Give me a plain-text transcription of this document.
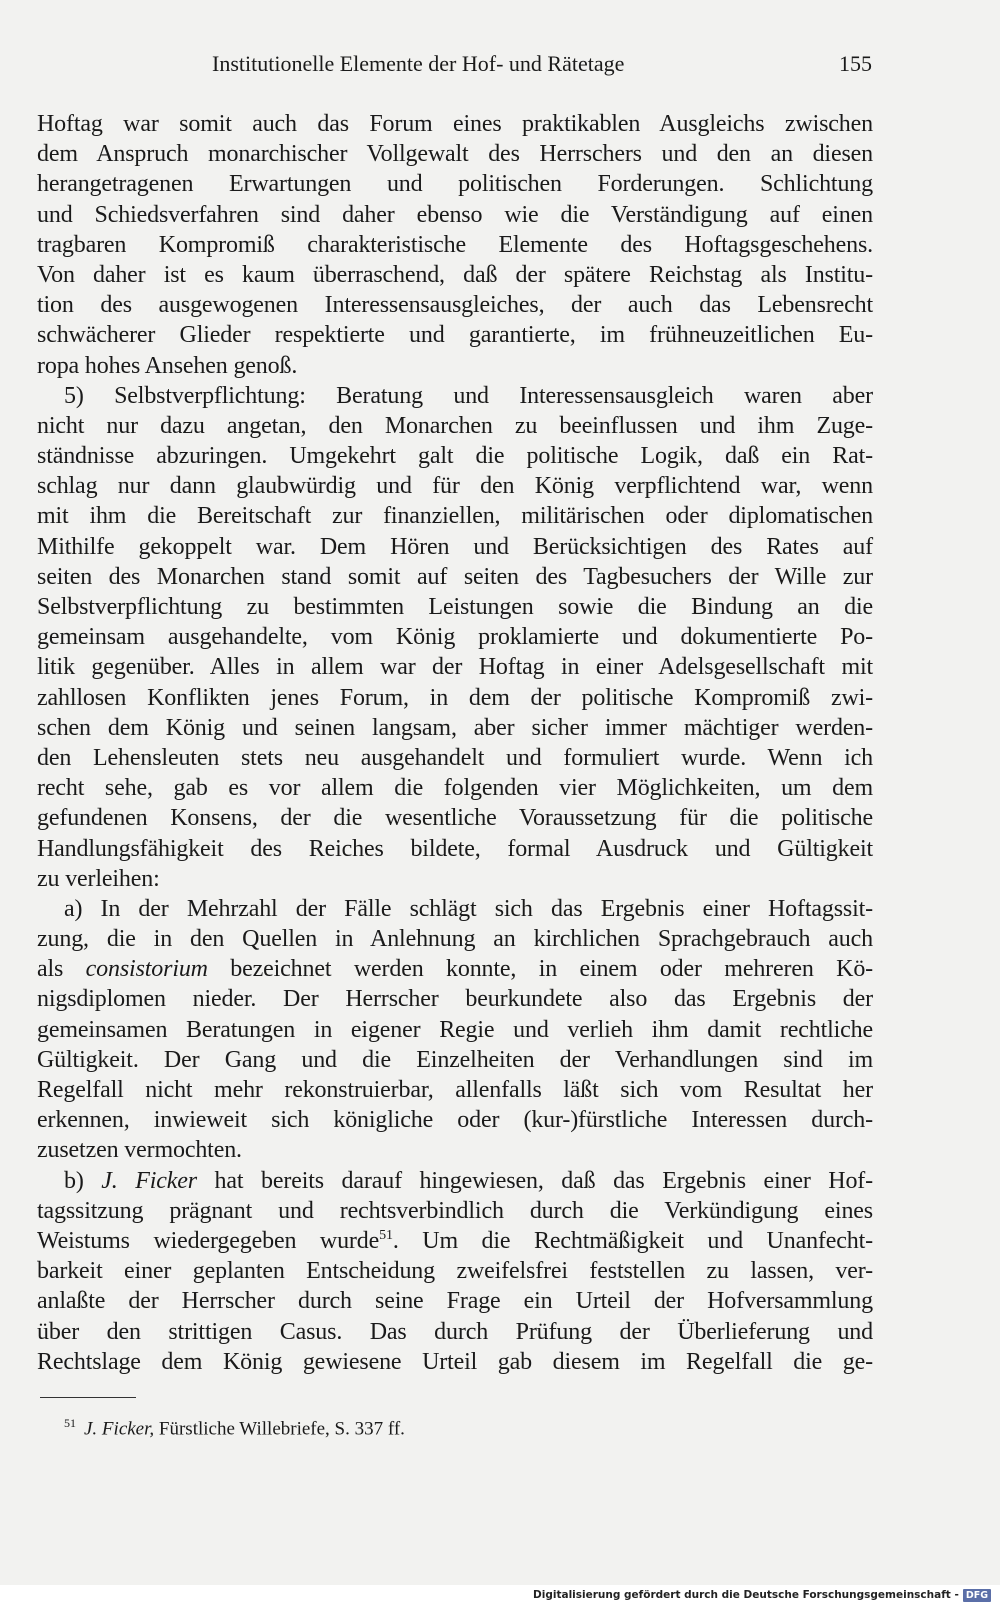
Institutionelle Elemente der Hof- und Rätetage	155
Hoftag war somit auch das Forum eines praktikablen Ausgleichs zwischen
dem Anspruch monarchischer Vollgewalt des Herrschers und den an diesen
herangetragenen Erwartungen und politischen Forderungen. Schlichtung
und Schiedsverfahren sind daher ebenso wie die Verständigung auf einen
tragbaren Kompromiß charakteristische Elemente des Hoftagsgeschehens.
Von daher ist es kaum überraschend, daß der spätere Reichstag als Institu-
tion des ausgewogenen Interessensausgleiches, der auch das Lebensrecht
schwächerer Glieder respektierte und garantierte, im frühneuzeitlichen Eu-
ropa hohes Ansehen genoß.
5) Selbstverpflichtung: Beratung und Interessensausgleich waren aber
nicht nur dazu angetan, den Monarchen zu beeinflussen und ihm Zuge-
ständnisse abzuringen. Umgekehrt galt die politische Logik, daß ein Rat-
schlag nur dann glaubwürdig und für den König verpflichtend war, wenn
mit ihm die Bereitschaft zur finanziellen, militärischen oder diplomatischen
Mithilfe gekoppelt war. Dem Hören und Berücksichtigen des Rates auf
seiten des Monarchen stand somit auf seiten des Tagbesuchers der Wille zur
Selbstverpflichtung zu bestimmten Leistungen sowie die Bindung an die
gemeinsam ausgehandelte, vom König proklamierte und dokumentierte Po-
litik gegenüber. Alles in allem war der Hoftag in einer Adelsgesellschaft mit
zahllosen Konflikten jenes Forum, in dem der politische Kompromiß zwi-
schen dem König und seinen langsam, aber sicher immer mächtiger werden-
den Lehensleuten stets neu ausgehandelt und formuliert wurde. Wenn ich
recht sehe, gab es vor allem die folgenden vier Möglichkeiten, um dem
gefundenen Konsens, der die wesentliche Voraussetzung für die politische
Handlungsfähigkeit des Reiches bildete, formal Ausdruck und Gültigkeit
zu verleihen:
a) In der Mehrzahl der Fälle schlägt sich das Ergebnis einer Hoftagssit-
zung, die in den Quellen in Anlehnung an kirchlichen Sprachgebrauch auch
als consistorium bezeichnet werden konnte, in einem oder mehreren Kö-
nigsdiplomen nieder. Der Herrscher beurkundete also das Ergebnis der
gemeinsamen Beratungen in eigener Regie und verlieh ihm damit rechtliche
Gültigkeit. Der Gang und die Einzelheiten der Verhandlungen sind im
Regelfall nicht mehr rekonstruierbar, allenfalls läßt sich vom Resultat her
erkennen, inwieweit sich königliche oder (kur-)fürstliche Interessen durch-
zusetzen vermochten.
b) J. Ficker hat bereits darauf hingewiesen, daß das Ergebnis einer Hof-
tagssitzung prägnant und rechtsverbindlich durch die Verkündigung eines
Weistums wiedergegeben wurde$^{51}$. Um die Rechtmäßigkeit und Unanfecht-
barkeit einer geplanten Entscheidung zweifelsfrei feststellen zu lassen, ver-
anlaßte der Herrscher durch seine Frage ein Urteil der Hofversammlung
über den strittigen Casus. Das durch Prüfung der Überlieferung und
Rechtslage dem König gewiesene Urteil gab diesem im Regelfall die ge-
$^{51}$ J. Ficker, Fürstliche Willebriefe, S. 337 ff.
Digitalisierung gefördert durch die Deutsche Forschungsgemeinschaft - DFG
